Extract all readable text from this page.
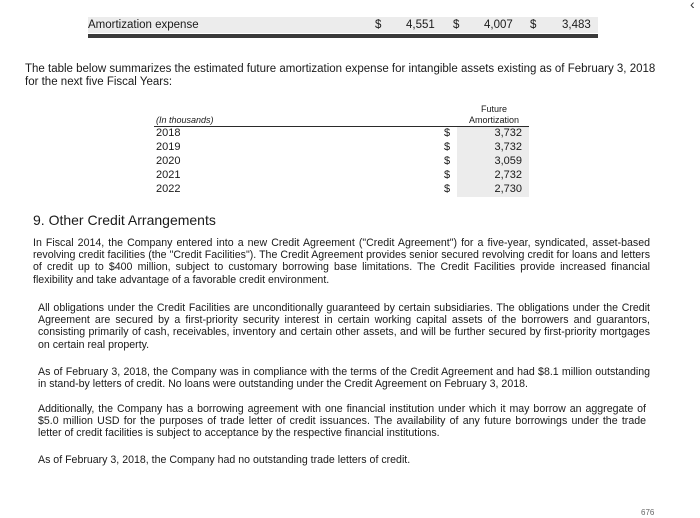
‹
Amortization expense	$ 4,551 $ 4,007 $ 3,483
The table below summarizes the estimated future amortization expense for intangible assets existing as of February 3, 2018 for the next five Fiscal Years:
Future
Amortization
(In thousands)
2018	$	3,732
2019	$	3,732
2020	$	3,059
2021	$	2,732
2022	$	2,730
9. Other Credit Arrangements
In Fiscal 2014, the Company entered into a new Credit Agreement ("Credit Agreement") for a five-year, syndicated, asset-based revolving credit facilities (the "Credit Facilities"). The Credit Agreement provides senior secured revolving credit for loans and letters of credit up to $400 million, subject to customary borrowing base limitations. The Credit Facilities provide increased financial flexibility and take advantage of a favorable credit environment.
All obligations under the Credit Facilities are unconditionally guaranteed by certain subsidiaries. The obligations under the Credit Agreement are secured by a first-priority security interest in certain working capital assets of the borrowers and guarantors, consisting primarily of cash, receivables, inventory and certain other assets, and will be further secured by first-priority mortgages on certain real property.
As of February 3, 2018, the Company was in compliance with the terms of the Credit Agreement and had $8.1 million outstanding in stand-by letters of credit. No loans were outstanding under the Credit Agreement on February 3, 2018.
Additionally, the Company has a borrowing agreement with one financial institution under which it may borrow an aggregate of $5.0 million USD for the purposes of trade letter of credit issuances. The availability of any future borrowings under the trade letter of credit facilities is subject to acceptance by the respective financial institutions.
As of February 3, 2018, the Company had no outstanding trade letters of credit.
676
